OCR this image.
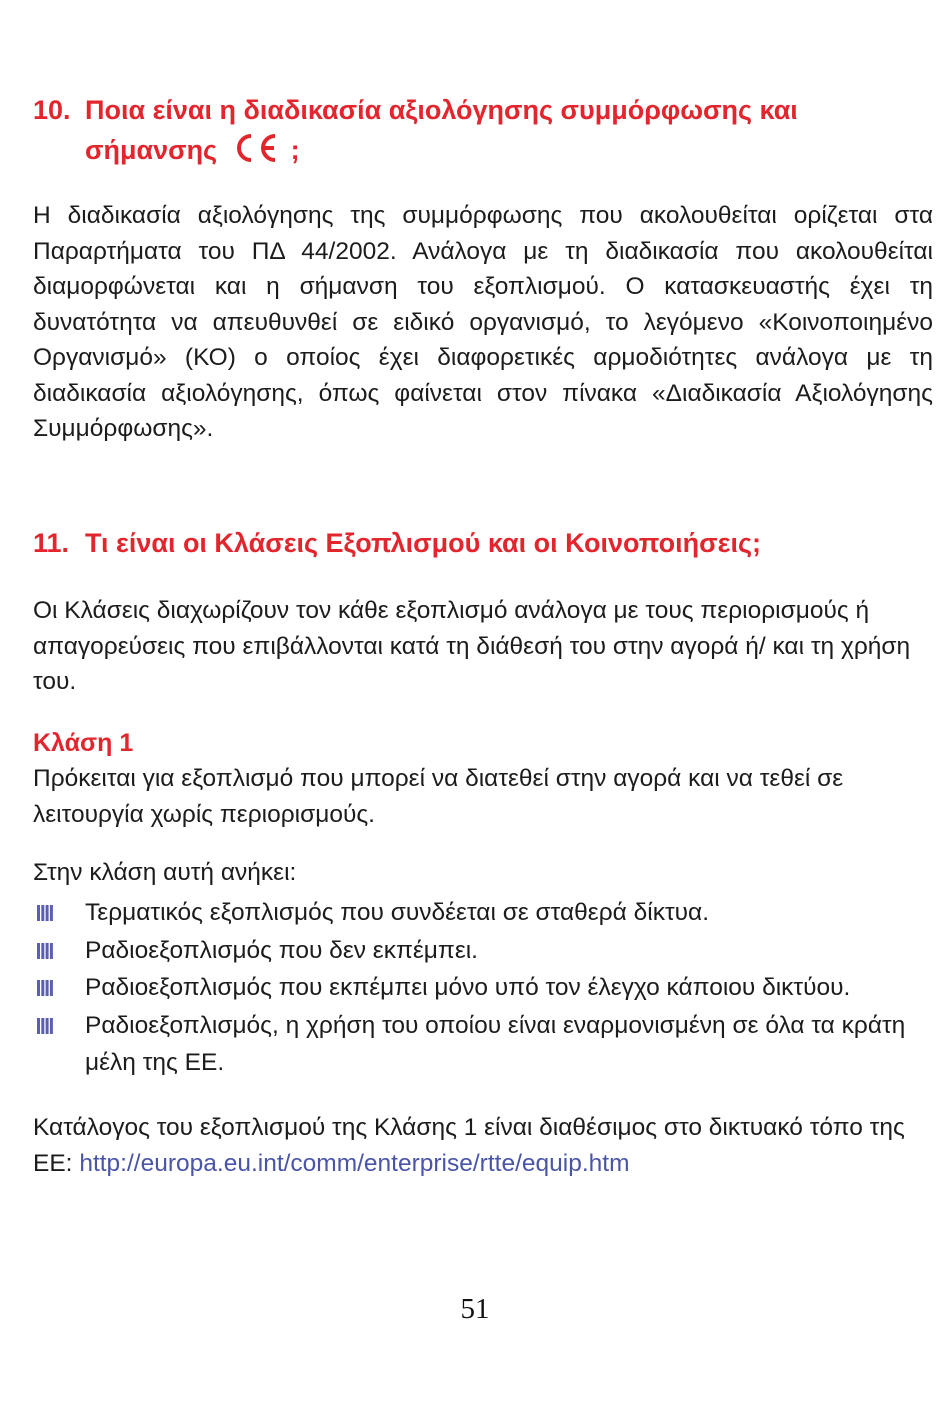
10. Ποια είναι η διαδικασία αξιολόγησης συμμόρφωσης και
σήμανσης	;

Η διαδικασία αξιολόγησης της συμμόρφωσης που ακολουθείται ορίζεται στα Παραρτήματα του ΠΔ 44/2002. Ανάλογα με τη διαδικασία που ακολουθείται διαμορφώνεται και η σήμανση του εξοπλισμού. Ο κατασκευαστής έχει τη δυνατότητα να απευθυνθεί σε ειδικό οργανισμό, το λεγόμενο «Κοινοποιημένο Οργανισμό» (ΚΟ) ο οποίος έχει διαφορετικές αρμοδιότητες ανάλογα με τη διαδικασία αξιολόγησης, όπως φαίνεται στον πίνακα «Διαδικασία Αξιολόγησης Συμμόρφωσης».

11. Τι είναι οι Κλάσεις Εξοπλισμού και οι Κοινοποιήσεις;

Οι Κλάσεις διαχωρίζουν τον κάθε εξοπλισμό ανάλογα με τους περιορισμούς ή απαγορεύσεις που επιβάλλονται κατά τη διάθεσή του στην αγορά ή/ και τη χρήση του.

Κλάση 1

Πρόκειται για εξοπλισμό που μπορεί να διατεθεί στην αγορά και να τεθεί σε λειτουργία χωρίς περιορισμούς.

Στην κλάση αυτή ανήκει:

Τερματικός εξοπλισμός που συνδέεται σε σταθερά δίκτυα.
Ραδιοεξοπλισμός που δεν εκπέμπει.
Ραδιοεξοπλισμός που εκπέμπει μόνο υπό τον έλεγχο κάποιου δικτύου.
Ραδιοεξοπλισμός, η χρήση του οποίου είναι εναρμονισμένη σε όλα τα κράτη μέλη της ΕΕ.

Κατάλογος του εξοπλισμού της Κλάσης 1 είναι διαθέσιμος στο δικτυακό τόπο της ΕΕ: http://europa.eu.int/comm/enterprise/rtte/equip.htm

51
